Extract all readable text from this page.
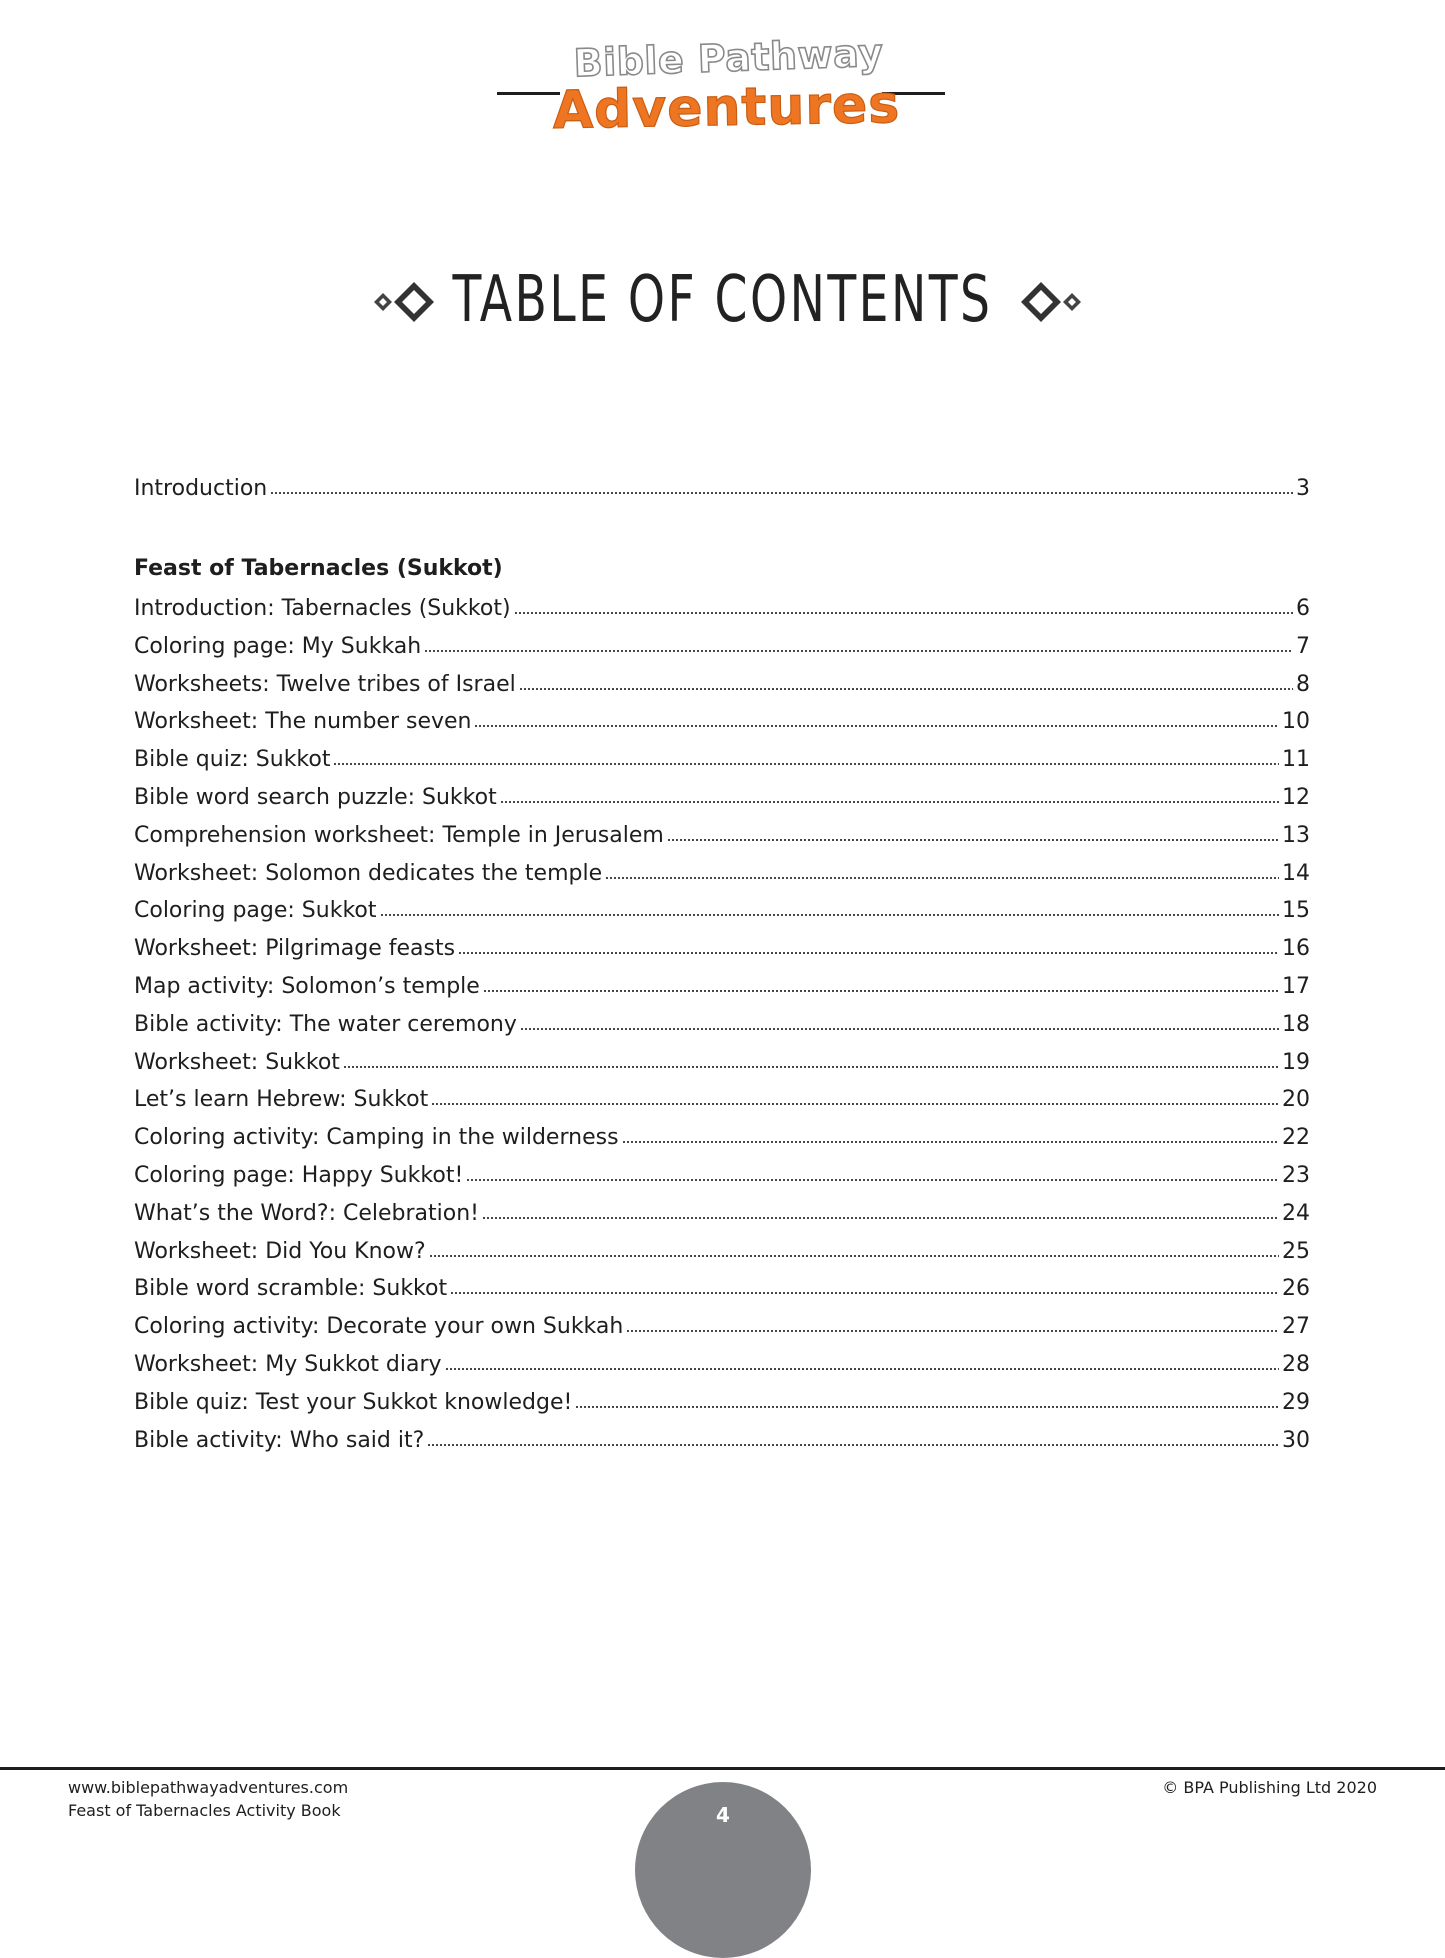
Bible Pathway
Adventures
TABLE OF CONTENTS
Introduction	3
Feast of Tabernacles (Sukkot)
Introduction: Tabernacles (Sukkot)	6
Coloring page: My Sukkah	7
Worksheets: Twelve tribes of Israel	8
Worksheet: The number seven	10
Bible quiz: Sukkot	11
Bible word search puzzle: Sukkot	12
Comprehension worksheet: Temple in Jerusalem	13
Worksheet: Solomon dedicates the temple	14
Coloring page: Sukkot	15
Worksheet: Pilgrimage feasts	16
Map activity: Solomon’s temple	17
Bible activity: The water ceremony	18
Worksheet: Sukkot	19
Let’s learn Hebrew: Sukkot	20
Coloring activity: Camping in the wilderness	22
Coloring page: Happy Sukkot!	23
What’s the Word?: Celebration!	24
Worksheet: Did You Know?	25
Bible word scramble: Sukkot	26
Coloring activity: Decorate your own Sukkah	27
Worksheet: My Sukkot diary	28
Bible quiz: Test your Sukkot knowledge!	29
Bible activity: Who said it?	30
www.biblepathwayadventures.com
Feast of Tabernacles Activity Book
© BPA Publishing Ltd 2020
4
